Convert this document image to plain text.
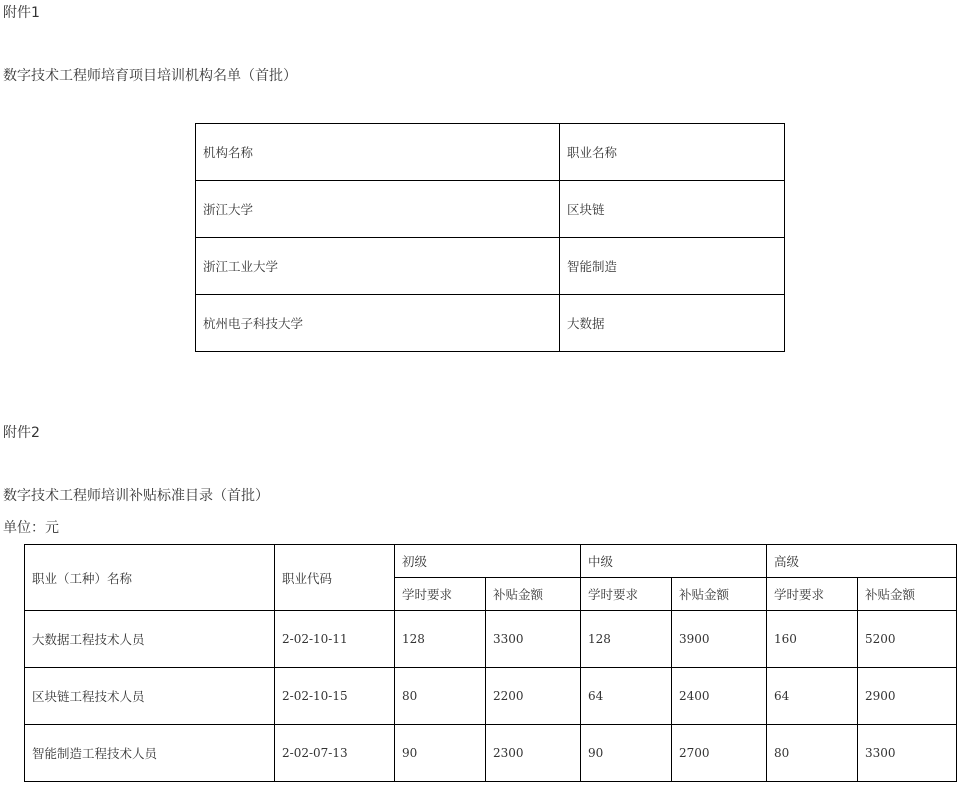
附件1
数字技术工程师培育项目培训机构名单（首批）
机构名称	职业名称
浙江大学	区块链
浙江工业大学	智能制造
杭州电子科技大学	大数据
附件2
数字技术工程师培训补贴标准目录（首批）
单位：元
职业（工种）名称	职业代码	初级		中级		高级	
		学时要求	补贴金额	学时要求	补贴金额	学时要求	补贴金额
大数据工程技术人员	2-02-10-11	128	3300	128	3900	160	5200
区块链工程技术人员	2-02-10-15	80	2200	64	2400	64	2900
智能制造工程技术人员	2-02-07-13	90	2300	90	2700	80	3300
